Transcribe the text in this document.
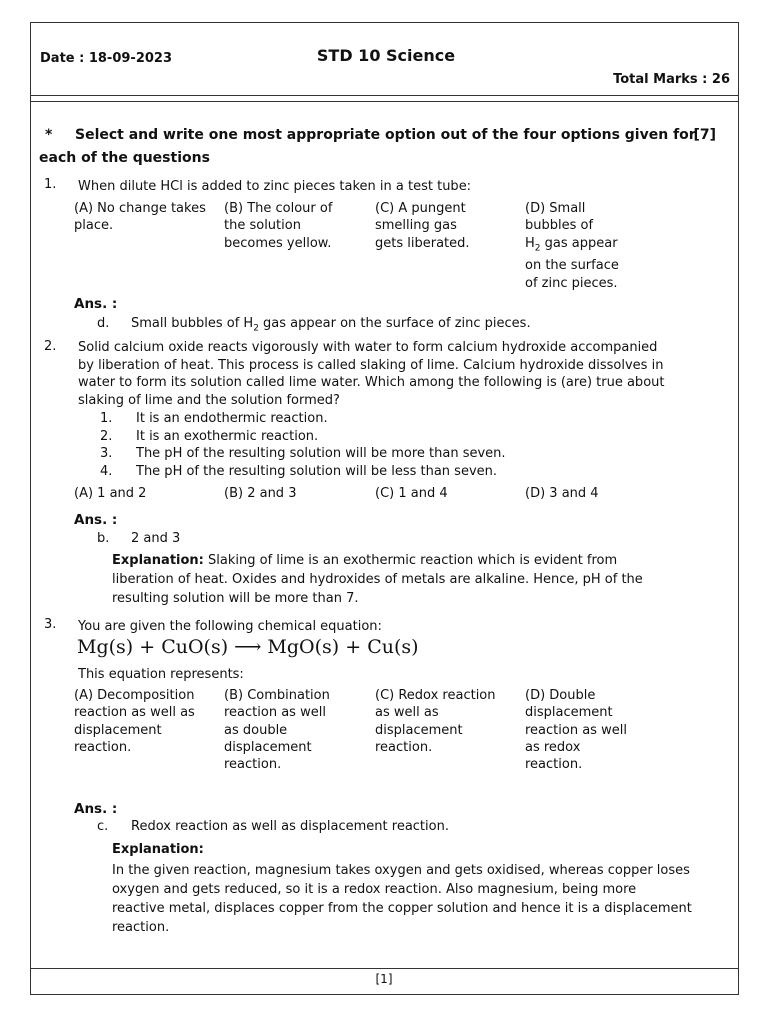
Date : 18-09-2023	STD 10 Science
Total Marks : 26
* Select and write one most appropriate option out of the four options given for each of the questions
[7]
1. When dilute HCl is added to zinc pieces taken in a test tube:
(A) No change takes place.
(B) The colour of the solution becomes yellow.
(C) A pungent smelling gas gets liberated.
(D) Small bubbles of
$H_2$ gas appear on the surface of zinc pieces.
Ans. :
d. Small bubbles of $H_2$ gas appear on the surface of zinc pieces.
2. Solid calcium oxide reacts vigorously with water to form calcium hydroxide accompanied by liberation of heat. This process is called slaking of lime. Calcium hydroxide dissolves in water to form its solution called lime water. Which among the following is (are) true about slaking of lime and the solution formed?
1. It is an endothermic reaction.
2. It is an exothermic reaction.
3. The pH of the resulting solution will be more than seven.
4. The pH of the resulting solution will be less than seven.
(A) 1 and 2	(B) 2 and 3	(C) 1 and 4	(D) 3 and 4
Ans. :
b. 2 and 3
Explanation: Slaking of lime is an exothermic reaction which is evident from liberation of heat. Oxides and hydroxides of metals are alkaline. Hence, pH of the resulting solution will be more than 7.
3. You are given the following chemical equation:
Mg(s) + CuO(s) ⟶ MgO(s) + Cu(s)
This equation represents:
(A) Decomposition reaction as well as displacement reaction.
(B) Combination reaction as well as double displacement reaction.
(C) Redox reaction as well as displacement reaction.
(D) Double displacement reaction as well as redox reaction.
Ans. :
c. Redox reaction as well as displacement reaction.
Explanation:
In the given reaction, magnesium takes oxygen and gets oxidised, whereas copper loses oxygen and gets reduced, so it is a redox reaction. Also magnesium, being more reactive metal, displaces copper from the copper solution and hence it is a displacement reaction.
[1]
